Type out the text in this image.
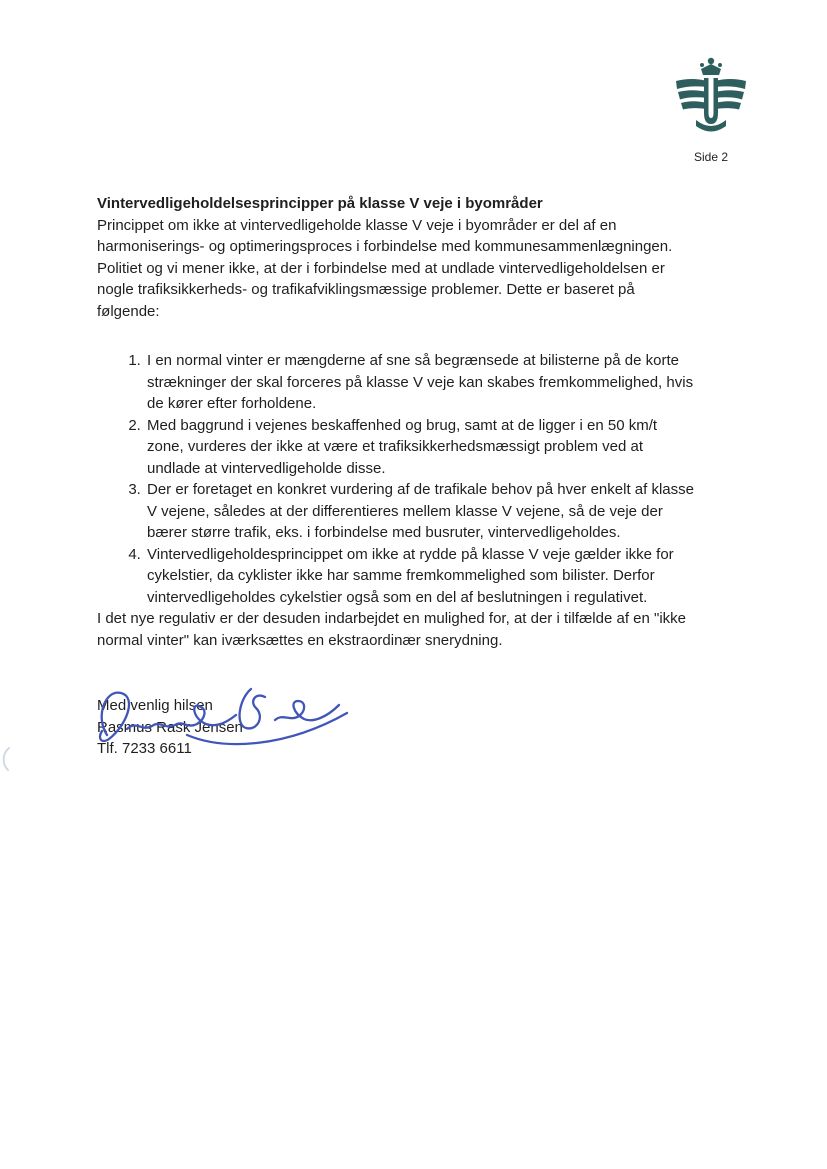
Side 2
Vintervedligeholdelsesprincipper på klasse V veje i byområder

Princippet om ikke at vintervedligeholde klasse V veje i byområder er del af en harmoniserings- og optimeringsproces i forbindelse med kommunesammenlægningen. Politiet og vi mener ikke, at der i forbindelse med at undlade vintervedligeholdelsen er nogle trafiksikkerheds- og trafikafviklingsmæssige problemer. Dette er baseret på følgende:

1. I en normal vinter er mængderne af sne så begrænsede at bilisterne på de korte strækninger der skal forceres på klasse V veje kan skabes fremkommelighed, hvis de kører efter forholdene.
2. Med baggrund i vejenes beskaffenhed og brug, samt at de ligger i en 50 km/t zone, vurderes der ikke at være et trafiksikkerhedsmæssigt problem ved at undlade at vintervedligeholde disse.
3. Der er foretaget en konkret vurdering af de trafikale behov på hver enkelt af klasse V vejene, således at der differentieres mellem klasse V vejene, så de veje der bærer større trafik, eks. i forbindelse med busruter, vintervedligeholdes.
4. Vintervedligeholdesprincippet om ikke at rydde på klasse V veje gælder ikke for cykelstier, da cyklister ikke har samme fremkommelighed som bilister. Derfor vintervedligeholdes cykelstier også som en del af beslutningen i regulativet.

I det nye regulativ er der desuden indarbejdet en mulighed for, at der i tilfælde af en "ikke normal vinter" kan iværksættes en ekstraordinær snerydning.

Med venlig hilsen

Rasmus Rask Jensen

Tlf. 7233 6611
